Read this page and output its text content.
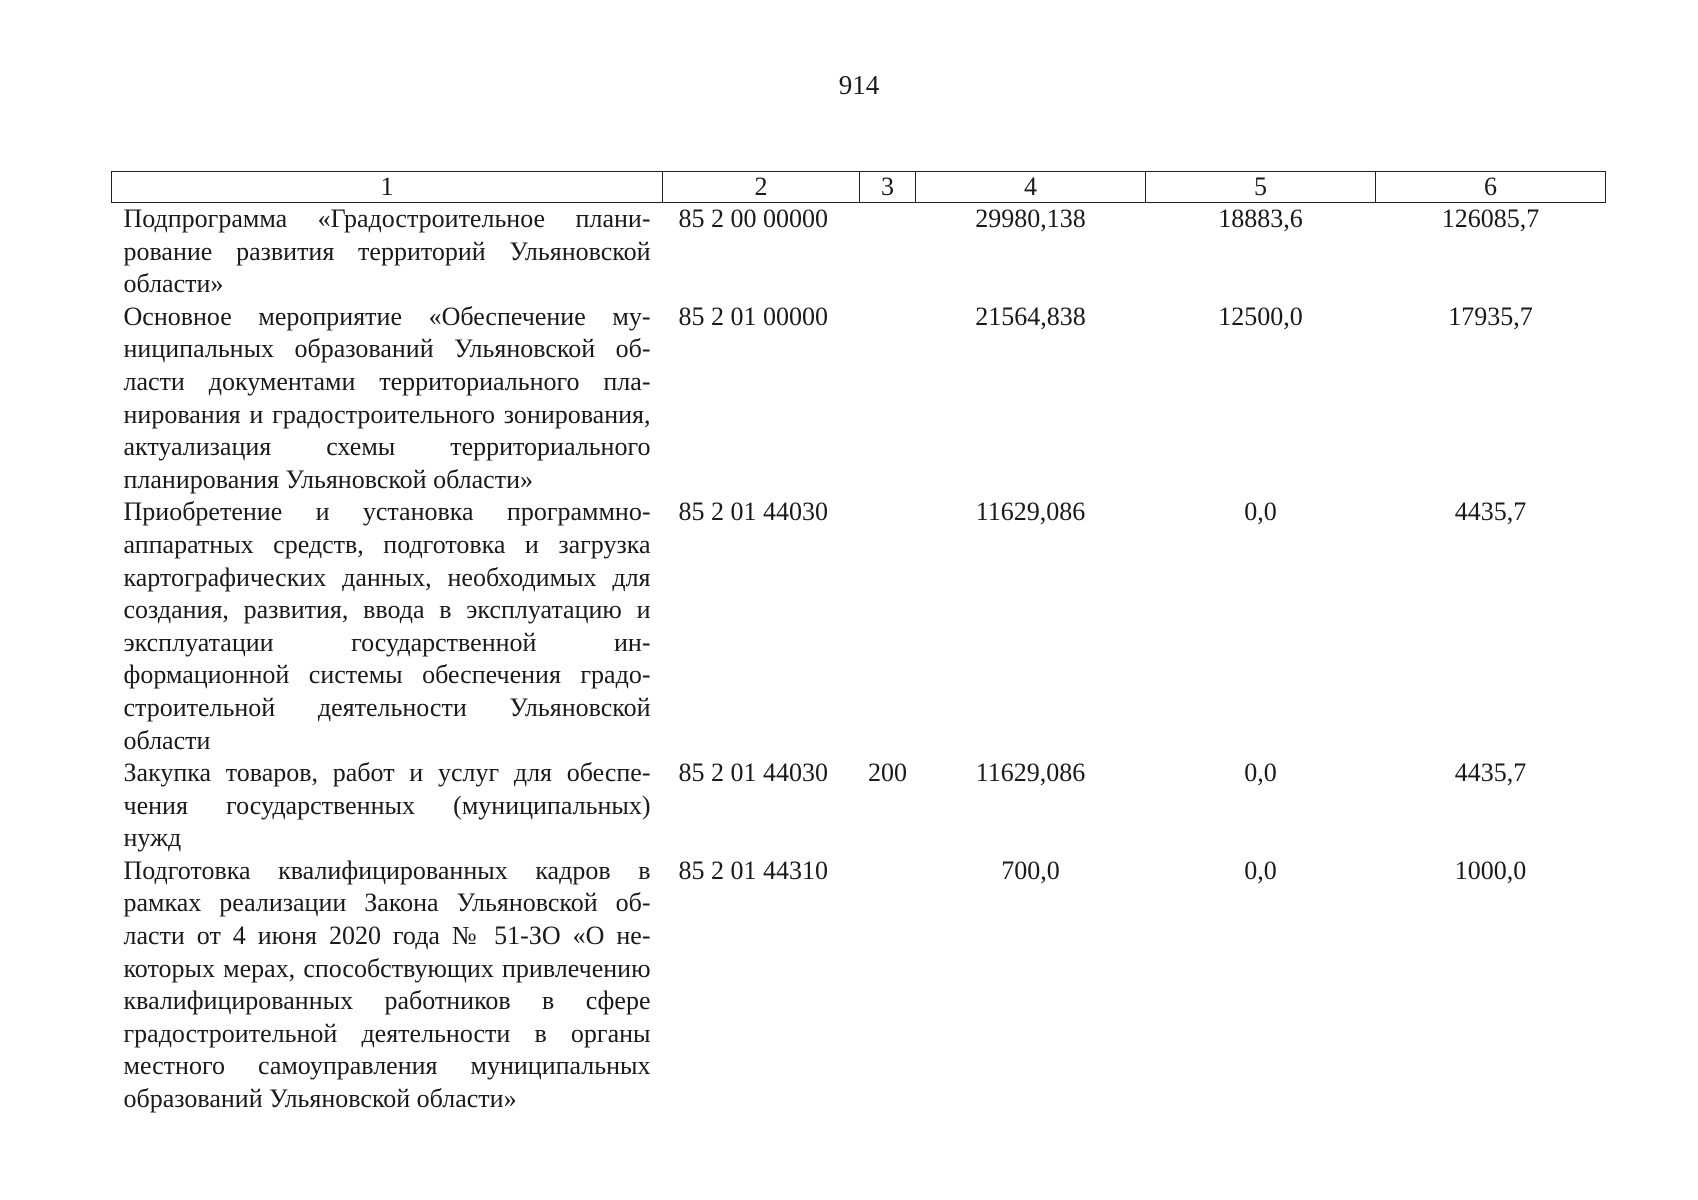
914
1	2	3	4	5	6
Подпрограмма «Градостроительное планирование развития территорий Ульяновской области»	85 2 00 00000		29980,138	18883,6	126085,7
Основное мероприятие «Обеспечение муниципальных образований Ульяновской области документами территориального планирования и градостроительного зонирования, актуализация схемы территориального планирования Ульяновской области»	85 2 01 00000		21564,838	12500,0	17935,7
Приобретение и установка программно-аппаратных средств, подготовка и загрузка картографических данных, необходимых для создания, развития, ввода в эксплуатацию и эксплуатации государственной информационной системы обеспечения градостроительной деятельности Ульяновской области	85 2 01 44030		11629,086	0,0	4435,7
Закупка товаров, работ и услуг для обеспечения государственных (муниципальных) нужд	85 2 01 44030	200	11629,086	0,0	4435,7
Подготовка квалифицированных кадров в рамках реализации Закона Ульяновской области от 4 июня 2020 года № 51-ЗО «О некоторых мерах, способствующих привлечению квалифицированных работников в сфере градостроительной деятельности в органы местного самоуправления муниципальных образований Ульяновской области»	85 2 01 44310		700,0	0,0	1000,0
